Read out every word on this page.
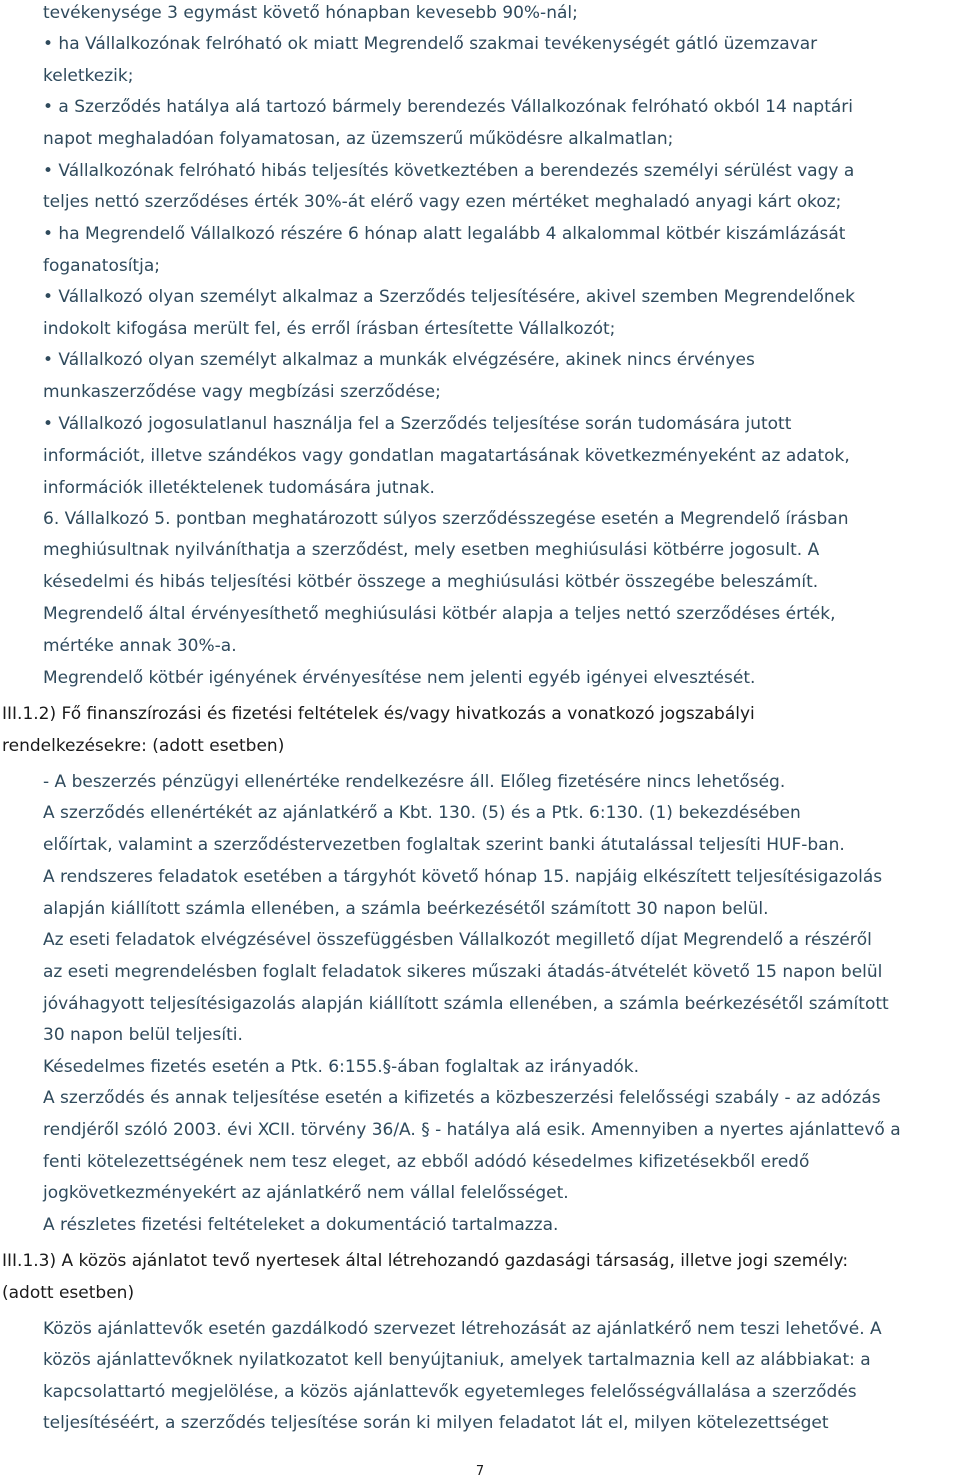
tevékenysége 3 egymást követő hónapban kevesebb 90%-nál;
• ha Vállalkozónak felróható ok miatt Megrendelő szakmai tevékenységét gátló üzemzavar
keletkezik;
• a Szerződés hatálya alá tartozó bármely berendezés Vállalkozónak felróható okból 14 naptári
napot meghaladóan folyamatosan, az üzemszerű működésre alkalmatlan;
• Vállalkozónak felróható hibás teljesítés következtében a berendezés személyi sérülést vagy a
teljes nettó szerződéses érték 30%-át elérő vagy ezen mértéket meghaladó anyagi kárt okoz;
• ha Megrendelő Vállalkozó részére 6 hónap alatt legalább 4 alkalommal kötbér kiszámlázását
foganatosítja;
• Vállalkozó olyan személyt alkalmaz a Szerződés teljesítésére, akivel szemben Megrendelőnek
indokolt kifogása merült fel, és erről írásban értesítette Vállalkozót;
• Vállalkozó olyan személyt alkalmaz a munkák elvégzésére, akinek nincs érvényes
munkaszerződése vagy megbízási szerződése;
• Vállalkozó jogosulatlanul használja fel a Szerződés teljesítése során tudomására jutott
információt, illetve szándékos vagy gondatlan magatartásának következményeként az adatok,
információk illetéktelenek tudomására jutnak.
6. Vállalkozó 5. pontban meghatározott súlyos szerződésszegése esetén a Megrendelő írásban
meghiúsultnak nyilváníthatja a szerződést, mely esetben meghiúsulási kötbérre jogosult. A
késedelmi és hibás teljesítési kötbér összege a meghiúsulási kötbér összegébe beleszámít.
Megrendelő által érvényesíthető meghiúsulási kötbér alapja a teljes nettó szerződéses érték,
mértéke annak 30%-a.
Megrendelő kötbér igényének érvényesítése nem jelenti egyéb igényei elvesztését.
III.1.2) Fő finanszírozási és fizetési feltételek és/vagy hivatkozás a vonatkozó jogszabályi
rendelkezésekre: (adott esetben)
- A beszerzés pénzügyi ellenértéke rendelkezésre áll. Előleg fizetésére nincs lehetőség.
A szerződés ellenértékét az ajánlatkérő a Kbt. 130. (5) és a Ptk. 6:130. (1) bekezdésében
előírtak, valamint a szerződéstervezetben foglaltak szerint banki átutalással teljesíti HUF-ban.
A rendszeres feladatok esetében a tárgyhót követő hónap 15. napjáig elkészített teljesítésigazolás
alapján kiállított számla ellenében, a számla beérkezésétől számított 30 napon belül.
Az eseti feladatok elvégzésével összefüggésben Vállalkozót megillető díjat Megrendelő a részéről
az eseti megrendelésben foglalt feladatok sikeres műszaki átadás-átvételét követő 15 napon belül
jóváhagyott teljesítésigazolás alapján kiállított számla ellenében, a számla beérkezésétől számított
30 napon belül teljesíti.
Késedelmes fizetés esetén a Ptk. 6:155.§-ában foglaltak az irányadók.
A szerződés és annak teljesítése esetén a kifizetés a közbeszerzési felelősségi szabály - az adózás
rendjéről szóló 2003. évi XCII. törvény 36/A. § - hatálya alá esik. Amennyiben a nyertes ajánlattevő a
fenti kötelezettségének nem tesz eleget, az ebből adódó késedelmes kifizetésekből eredő
jogkövetkezményekért az ajánlatkérő nem vállal felelősséget.
A részletes fizetési feltételeket a dokumentáció tartalmazza.
III.1.3) A közös ajánlatot tevő nyertesek által létrehozandó gazdasági társaság, illetve jogi személy:
(adott esetben)
Közös ajánlattevők esetén gazdálkodó szervezet létrehozását az ajánlatkérő nem teszi lehetővé. A
közös ajánlattevőknek nyilatkozatot kell benyújtaniuk, amelyek tartalmaznia kell az alábbiakat: a
kapcsolattartó megjelölése, a közös ajánlattevők egyetemleges felelősségvállalása a szerződés
teljesítéséért, a szerződés teljesítése során ki milyen feladatot lát el, milyen kötelezettséget
7
